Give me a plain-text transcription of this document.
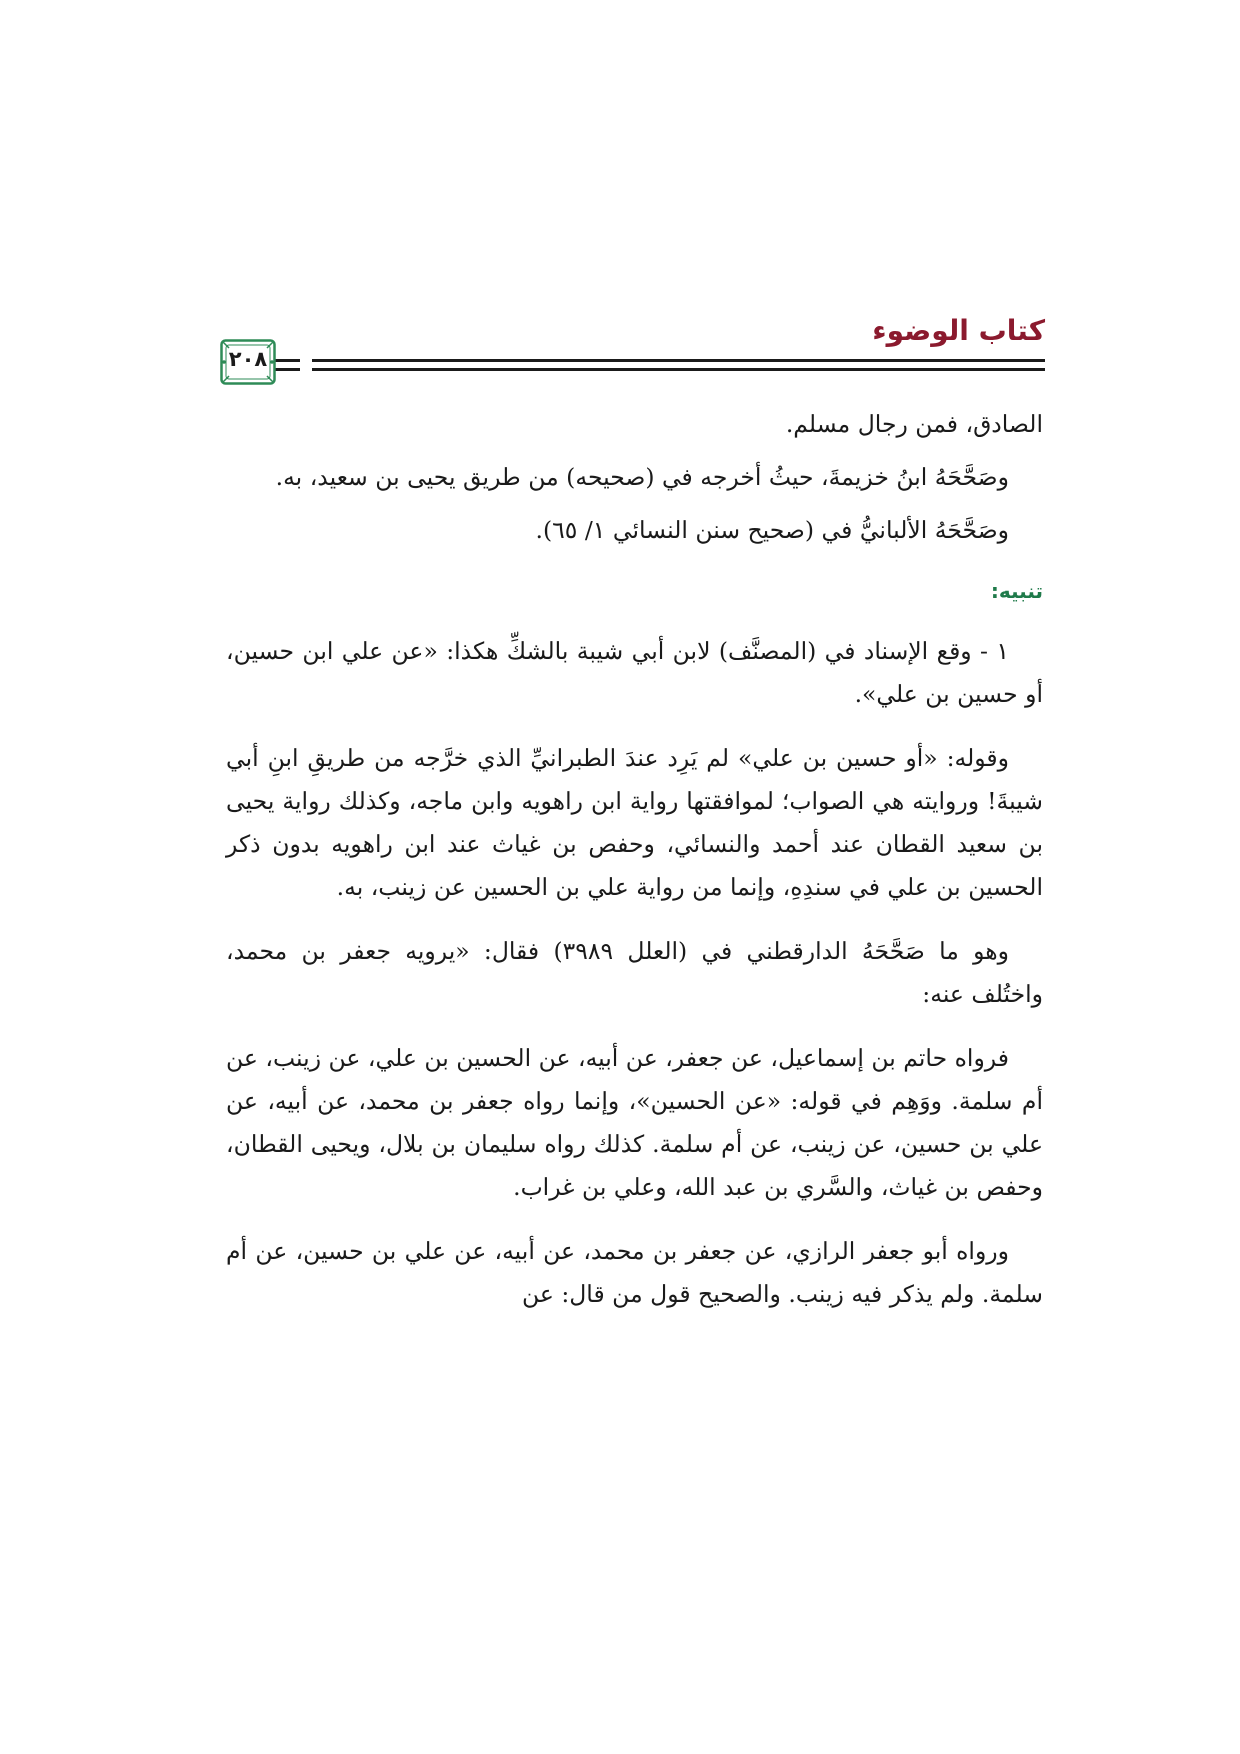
كتاب الوضوء
٢٠٨

الصادق، فمن رجال مسلم.

وصَحَّحَهُ ابنُ خزيمةَ، حيثُ أخرجه في (صحيحه) من طريق يحيى بن سعيد، به.

وصَحَّحَهُ الألبانيُّ في (صحيح سنن النسائي ١/ ٦٥).

تنبيه:

١ - وقع الإسناد في (المصنَّف) لابن أبي شيبة بالشكِّ هكذا: «عن علي ابن حسين، أو حسين بن علي».

وقوله: «أو حسين بن علي» لم يَرِد عندَ الطبرانيِّ الذي خرَّجه من طريقِ ابنِ أبي شيبةَ! وروايته هي الصواب؛ لموافقتها رواية ابن راهويه وابن ماجه، وكذلك رواية يحيى بن سعيد القطان عند أحمد والنسائي، وحفص بن غياث عند ابن راهويه بدون ذكر الحسين بن علي في سندِهِ، وإنما من رواية علي بن الحسين عن زينب، به.

وهو ما صَحَّحَهُ الدارقطني في (العلل ٣٩٨٩) فقال: «يرويه جعفر بن محمد، واختُلف عنه:

فرواه حاتم بن إسماعيل، عن جعفر، عن أبيه، عن الحسين بن علي، عن زينب، عن أم سلمة. ووَهِم في قوله: «عن الحسين»، وإنما رواه جعفر بن محمد، عن أبيه، عن علي بن حسين، عن زينب، عن أم سلمة. كذلك رواه سليمان بن بلال، ويحيى القطان، وحفص بن غياث، والسَّري بن عبد الله، وعلي بن غراب.

ورواه أبو جعفر الرازي، عن جعفر بن محمد، عن أبيه، عن علي بن حسين، عن أم سلمة. ولم يذكر فيه زينب. والصحيح قول من قال: عن
